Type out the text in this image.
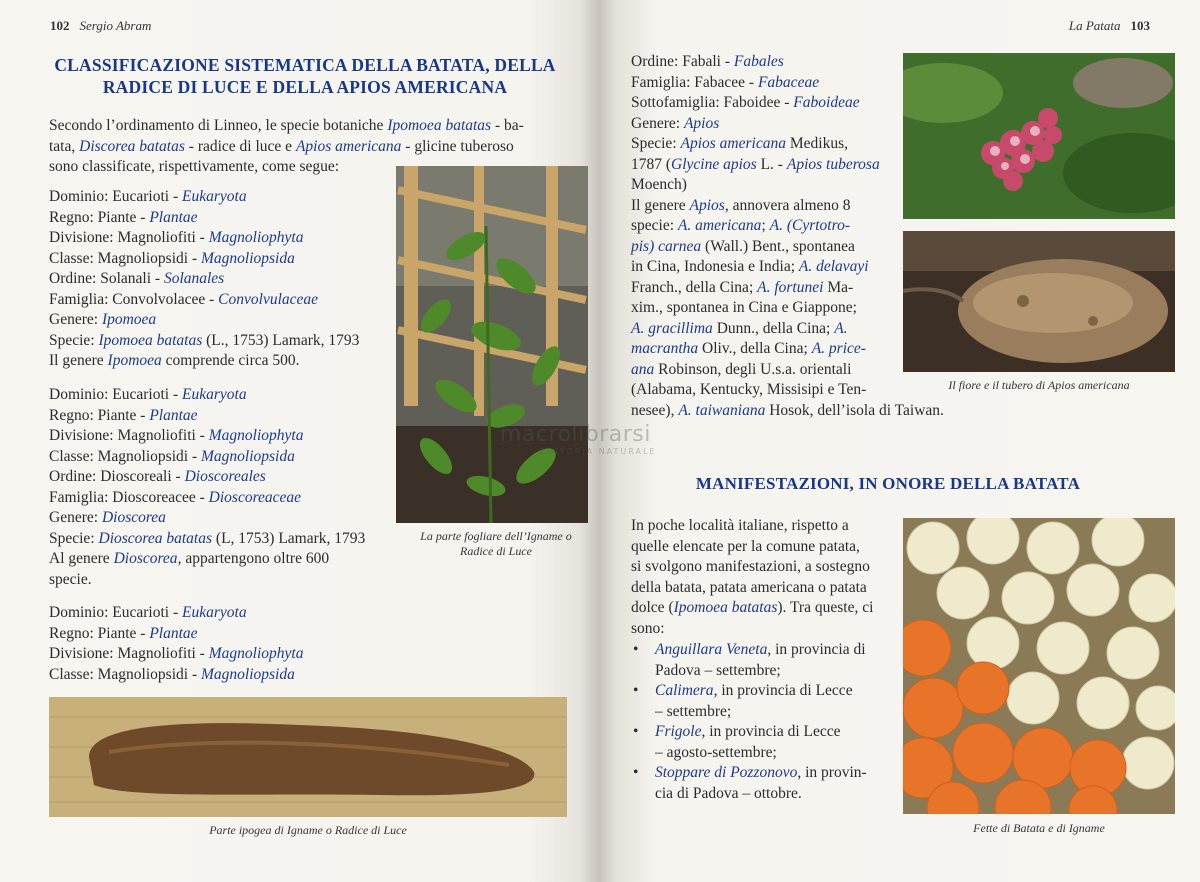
102 Sergio Abram
CLASSIFICAZIONE SISTEMATICA DELLA BATATA, DELLA
RADICE DI LUCE E DELLA APIOS AMERICANA
Secondo l’ordinamento di Linneo, le specie botaniche Ipomoea batatas - ba-
tata, Discorea batatas - radice di luce e Apios americana - glicine tuberoso
sono classificate, rispettivamente, come segue:
Dominio: Eucarioti - Eukaryota
Regno: Piante - Plantae
Divisione: Magnoliofiti - Magnoliophyta
Classe: Magnoliopsidi - Magnoliopsida
Ordine: Solanali - Solanales
Famiglia: Convolvolacee - Convolvulaceae
Genere: Ipomoea
Specie: Ipomoea batatas (L., 1753) Lamark, 1793
Il genere Ipomoea comprende circa 500.
Dominio: Eucarioti - Eukaryota
Regno: Piante - Plantae
Divisione: Magnoliofiti - Magnoliophyta
Classe: Magnoliopsidi - Magnoliopsida
Ordine: Dioscoreali - Dioscoreales
Famiglia: Dioscoreacee - Dioscoreaceae
Genere: Dioscorea
Specie: Dioscorea batatas (L, 1753) Lamark, 1793
Al genere Dioscorea, appartengono oltre 600
specie.
Dominio: Eucarioti - Eukaryota
Regno: Piante - Plantae
Divisione: Magnoliofiti - Magnoliophyta
Classe: Magnoliopsidi - Magnoliopsida
La parte fogliare dell’Igname o
Radice di Luce
Parte ipogea di Igname o Radice di Luce
La Patata 103
Ordine: Fabali - Fabales
Famiglia: Fabacee - Fabaceae
Sottofamiglia: Faboidee - Faboideae
Genere: Apios
Specie: Apios americana Medikus,
1787 (Glycine apios L. - Apios tuberosa
Moench)
Il genere Apios, annovera almeno 8
specie: A. americana; A. (Cyrtotro-
pis) carnea (Wall.) Bent., spontanea
in Cina, Indonesia e India; A. delavayi
Franch., della Cina; A. fortunei Ma-
xim., spontanea in Cina e Giappone;
A. gracillima Dunn., della Cina; A.
macrantha Oliv., della Cina; A. price-
ana Robinson, degli U.s.a. orientali
(Alabama, Kentucky, Missisipi e Ten-
nesee), A. taiwaniana Hosok, dell’isola di Taiwan.
Il fiore e il tubero di Apios americana
MANIFESTAZIONI, IN ONORE DELLA BATATA
In poche località italiane, rispetto a
quelle elencate per la comune patata,
si svolgono manifestazioni, a sostegno
della batata, patata americana o patata
dolce (Ipomoea batatas). Tra queste, ci
sono:
• Anguillara Veneta, in provincia di
Padova – settembre;
• Calimera, in provincia di Lecce
– settembre;
• Frigole, in provincia di Lecce
– agosto-settembre;
• Stoppare di Pozzonovo, in provin-
cia di Padova – ottobre.
Fette di Batata e di Igname
macrolibrarsi
EDITORIA NATURALE
